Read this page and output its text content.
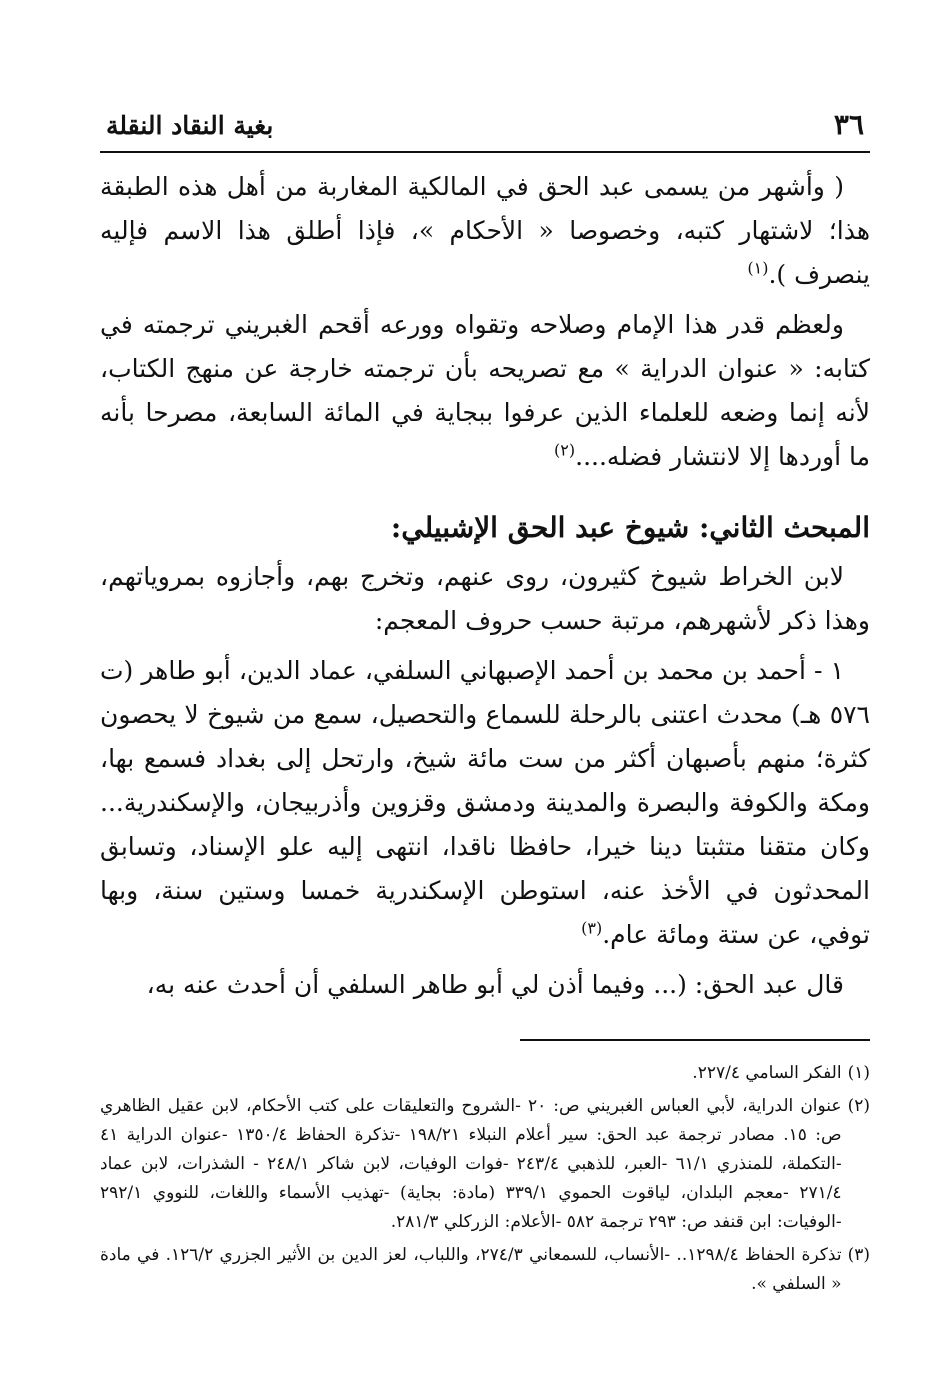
٣٦
بغية النقاد النقلة

( وأشهر من يسمى عبد الحق في المالكية المغاربة من أهل هذه الطبقة هذا؛ لاشتهار كتبه، وخصوصا « الأحكام »، فإذا أطلق هذا الاسم فإليه ينصرف ).$^{(١)}$

ولعظم قدر هذا الإمام وصلاحه وتقواه وورعه أقحم الغبريني ترجمته في كتابه: « عنوان الدراية » مع تصريحه بأن ترجمته خارجة عن منهج الكتاب، لأنه إنما وضعه للعلماء الذين عرفوا ببجاية في المائة السابعة، مصرحا بأنه ما أوردها إلا لانتشار فضله....$^{(٢)}$

المبحث الثاني: شيوخ عبد الحق الإشبيلي:

لابن الخراط شيوخ كثيرون، روى عنهم، وتخرج بهم، وأجازوه بمروياتهم، وهذا ذكر لأشهرهم، مرتبة حسب حروف المعجم:

١ - أحمد بن محمد بن أحمد الإصبهاني السلفي، عماد الدين، أبو طاهر (ت ٥٧٦ هـ) محدث اعتنى بالرحلة للسماع والتحصيل، سمع من شيوخ لا يحصون كثرة؛ منهم بأصبهان أكثر من ست مائة شيخ، وارتحل إلى بغداد فسمع بها، ومكة والكوفة والبصرة والمدينة ودمشق وقزوين وأذربيجان، والإسكندرية... وكان متقنا متثبتا دينا خيرا، حافظا ناقدا، انتهى إليه علو الإسناد، وتسابق المحدثون في الأخذ عنه، استوطن الإسكندرية خمسا وستين سنة، وبها توفي، عن ستة ومائة عام.$^{(٣)}$

قال عبد الحق: (... وفيما أذن لي أبو طاهر السلفي أن أحدث عنه به،

(١)
الفكر السامي ٢٢٧/٤.
(٢)
عنوان الدراية، لأبي العباس الغبريني ص: ٢٠ -الشروح والتعليقات على كتب الأحكام، لابن عقيل الظاهري ص: ١٥. مصادر ترجمة عبد الحق: سير أعلام النبلاء ١٩٨/٢١ -تذكرة الحفاظ ١٣٥٠/٤ -عنوان الدراية ٤١ -التكملة، للمنذري ٦١/١ -العبر، للذهبي ٢٤٣/٤ -فوات الوفيات، لابن شاكر ٢٤٨/١ - الشذرات، لابن عماد ٢٧١/٤ -معجم البلدان، لياقوت الحموي ٣٣٩/١ (مادة: بجاية) -تهذيب الأسماء واللغات، للنووي ٢٩٢/١ -الوفيات: ابن قنفد ص: ٢٩٣ ترجمة ٥٨٢ -الأعلام: الزركلي ٢٨١/٣.
(٣)
تذكرة الحفاظ ١٢٩٨/٤.. -الأنساب، للسمعاني ٢٧٤/٣، واللباب، لعز الدين بن الأثير الجزري ١٢٦/٢. في مادة « السلفي ».
